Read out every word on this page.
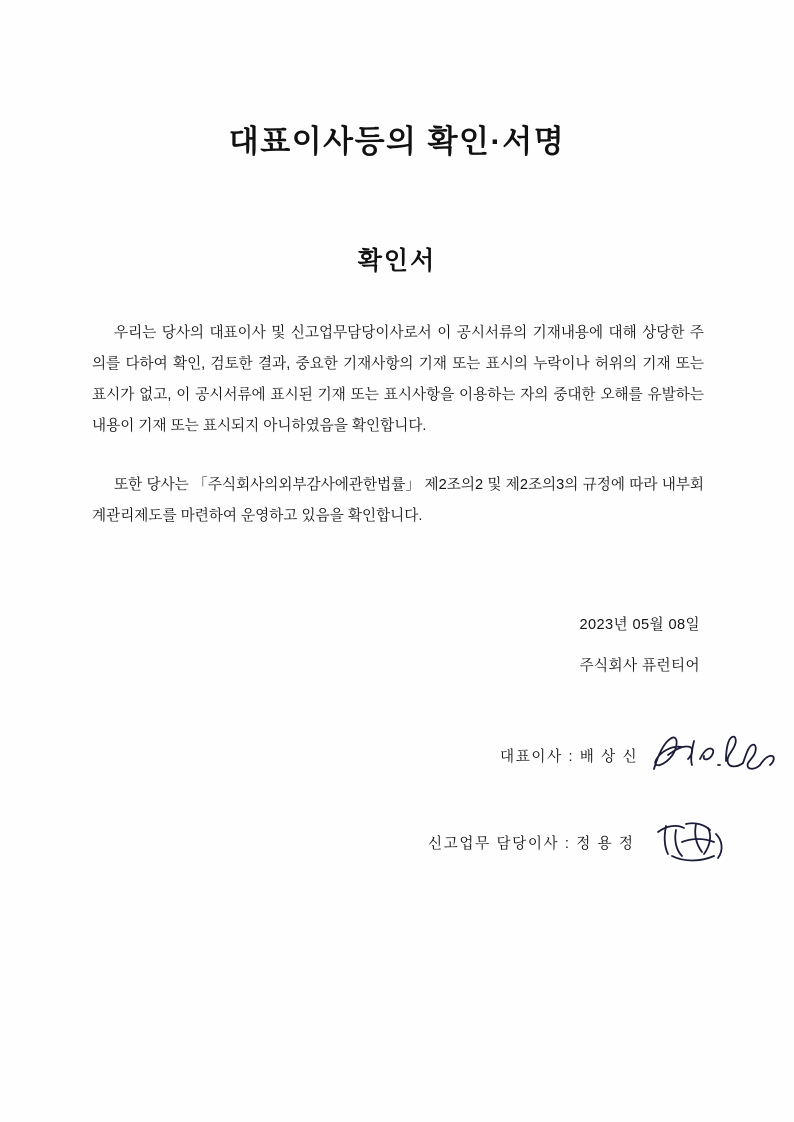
대표이사등의 확인·서명
확인서

우리는 당사의 대표이사 및 신고업무담당이사로서 이 공시서류의 기재내용에 대해 상당한 주의를 다하여 확인, 검토한 결과, 중요한 기재사항의 기재 또는 표시의 누락이나 허위의 기재 또는 표시가 없고, 이 공시서류에 표시된 기재 또는 표시사항을 이용하는 자의 중대한 오해를 유발하는 내용이 기재 또는 표시되지 아니하였음을 확인합니다.

또한 당사는 「주식회사의외부감사에관한법률」 제2조의2 및 제2조의3의 규정에 따라 내부회계관리제도를 마련하여 운영하고 있음을 확인합니다.

2023년 05월 08일
주식회사 퓨런티어
대표이사 : 배 상 신
신고업무 담당이사 : 정 용 정
